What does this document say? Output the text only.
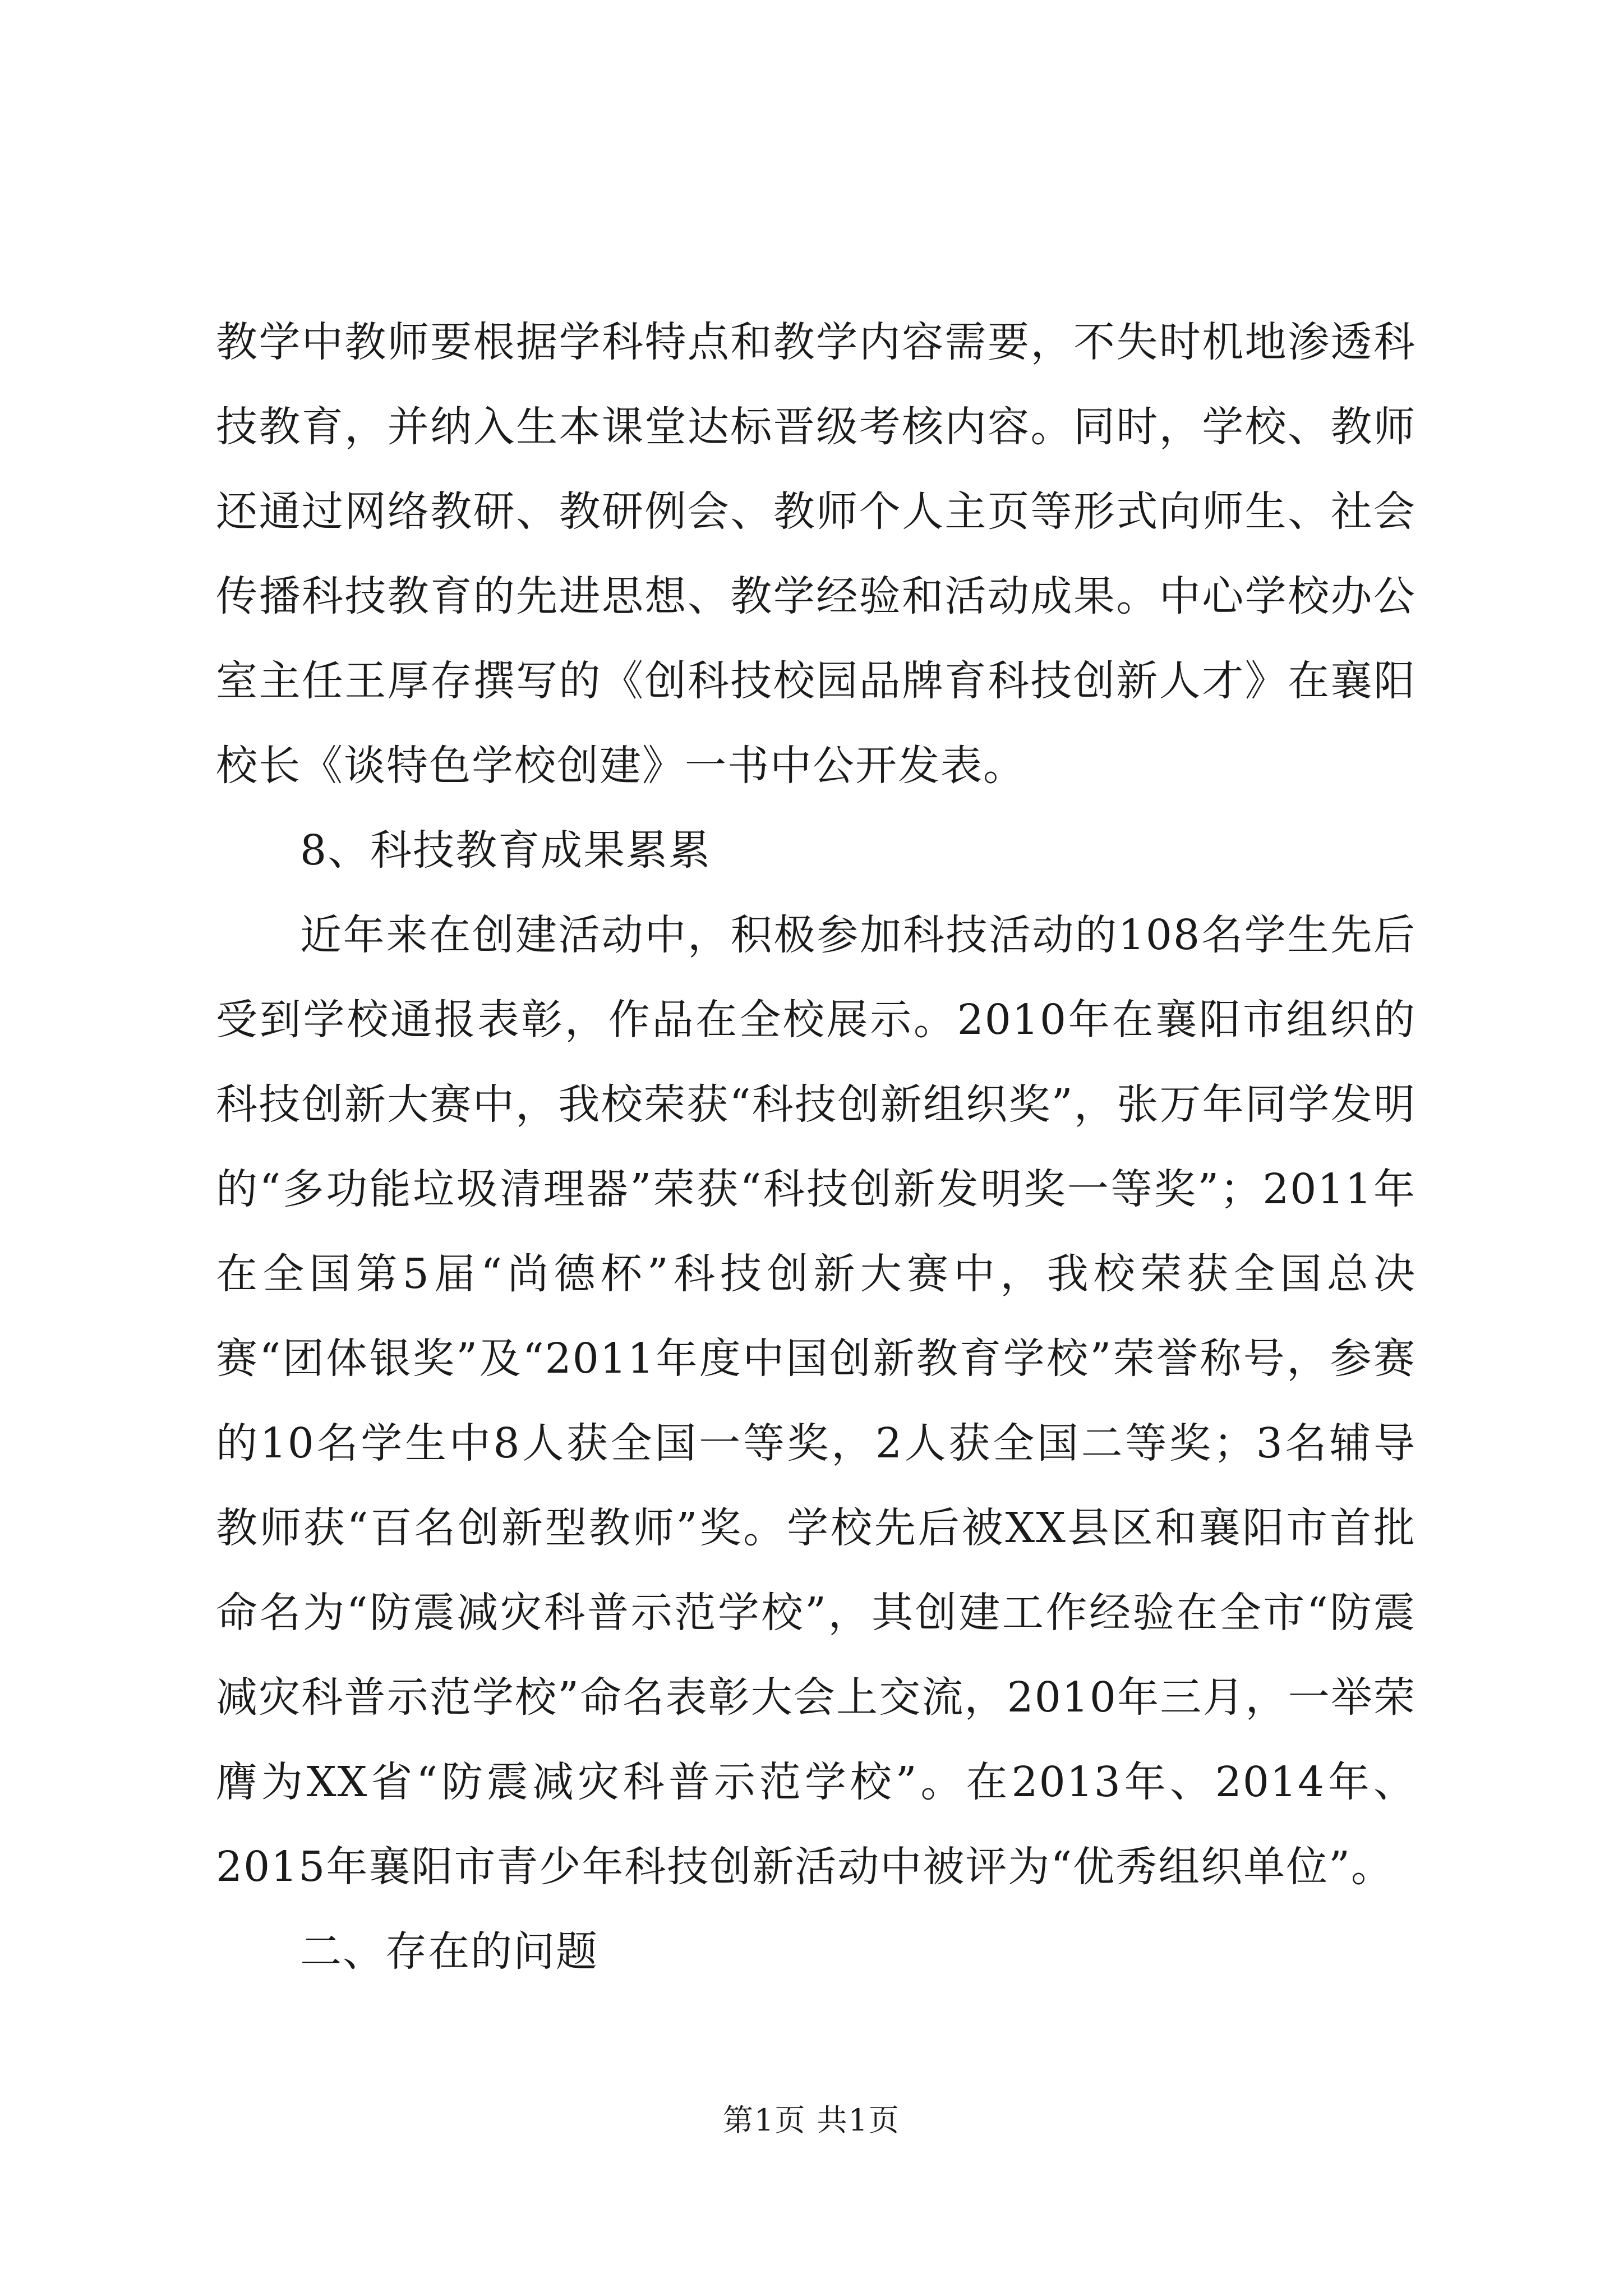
教学中教师要根据学科特点和教学内容需要，不失时机地渗透科技教育，并纳入生本课堂达标晋级考核内容。同时，学校、教师还通过网络教研、教研例会、教师个人主页等形式向师生、社会传播科技教育的先进思想、教学经验和活动成果。中心学校办公室主任王厚存撰写的《创科技校园品牌育科技创新人才》在襄阳校长《谈特色学校创建》一书中公开发表。

8、科技教育成果累累

近年来在创建活动中，积极参加科技活动的108名学生先后受到学校通报表彰，作品在全校展示。2010年在襄阳市组织的科技创新大赛中，我校荣获“科技创新组织奖”，张万年同学发明的“多功能垃圾清理器”荣获“科技创新发明奖一等奖”；2011年在全国第5届“尚德杯”科技创新大赛中，我校荣获全国总决赛“团体银奖”及“2011年度中国创新教育学校”荣誉称号，参赛的10名学生中8人获全国一等奖，2人获全国二等奖；3名辅导教师获“百名创新型教师”奖。学校先后被XX县区和襄阳市首批命名为“防震减灾科普示范学校”，其创建工作经验在全市“防震减灾科普示范学校”命名表彰大会上交流，2010年三月，一举荣膺为XX省“防震减灾科普示范学校”。在2013年、2014年、2015年襄阳市青少年科技创新活动中被评为“优秀组织单位”。

二、存在的问题

第1页 共1页
